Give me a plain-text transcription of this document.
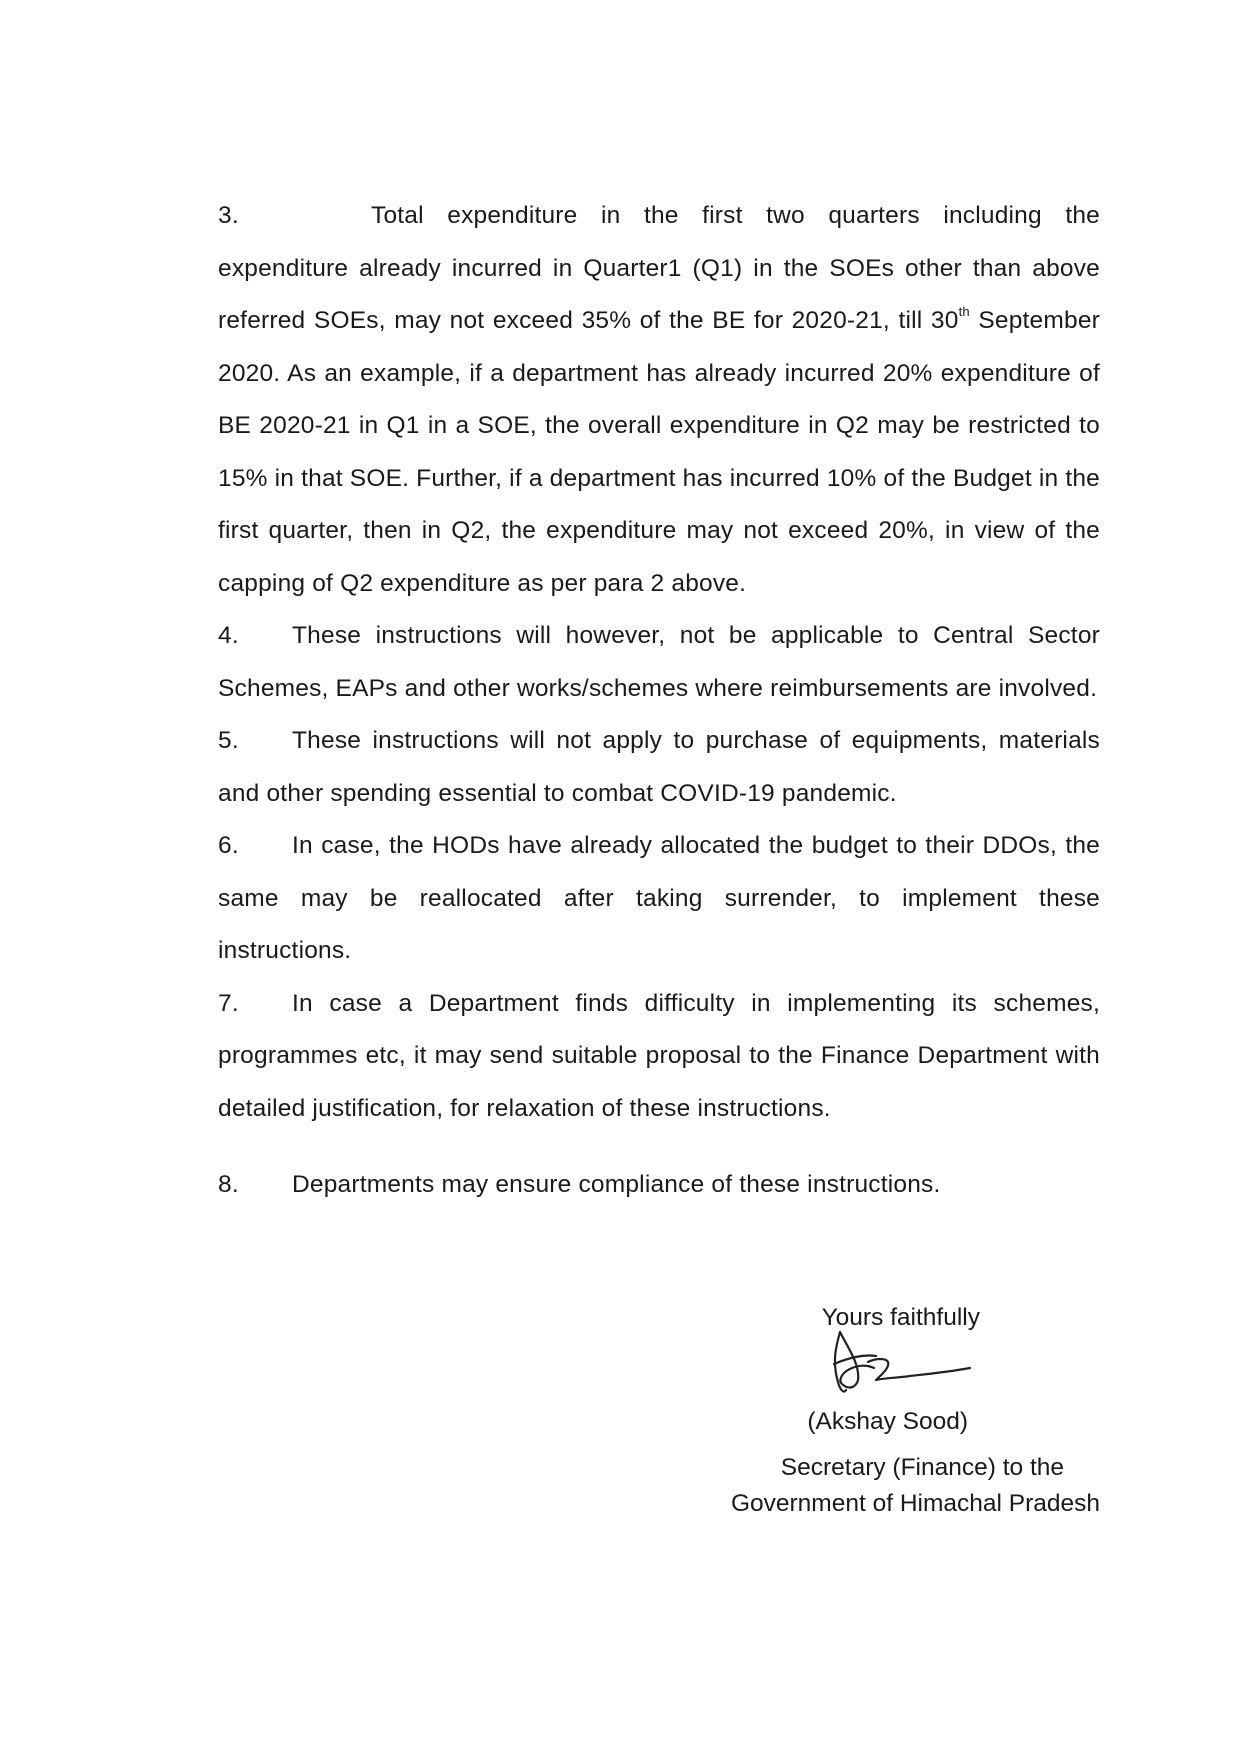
3.	Total expenditure in the first two quarters including the expenditure already incurred in Quarter1 (Q1) in the SOEs other than above referred SOEs, may not exceed 35% of the BE for 2020-21, till 30th September 2020. As an example, if a department has already incurred 20% expenditure of BE 2020-21 in Q1 in a SOE, the overall expenditure in Q2 may be restricted to 15% in that SOE. Further, if a department has incurred 10% of the Budget in the first quarter, then in Q2, the expenditure may not exceed 20%, in view of the capping of Q2 expenditure as per para 2 above.

4. These instructions will however, not be applicable to Central Sector Schemes, EAPs and other works/schemes where reimbursements are involved.

5. These instructions will not apply to purchase of equipments, materials and other spending essential to combat COVID-19 pandemic.

6. In case, the HODs have already allocated the budget to their DDOs, the same may be reallocated after taking surrender, to implement these instructions.

7. In case a Department finds difficulty in implementing its schemes, programmes etc, it may send suitable proposal to the Finance Department with detailed justification, for relaxation of these instructions.

8. Departments may ensure compliance of these instructions.

Yours faithfully
(Akshay Sood)
Secretary (Finance) to the
Government of Himachal Pradesh
